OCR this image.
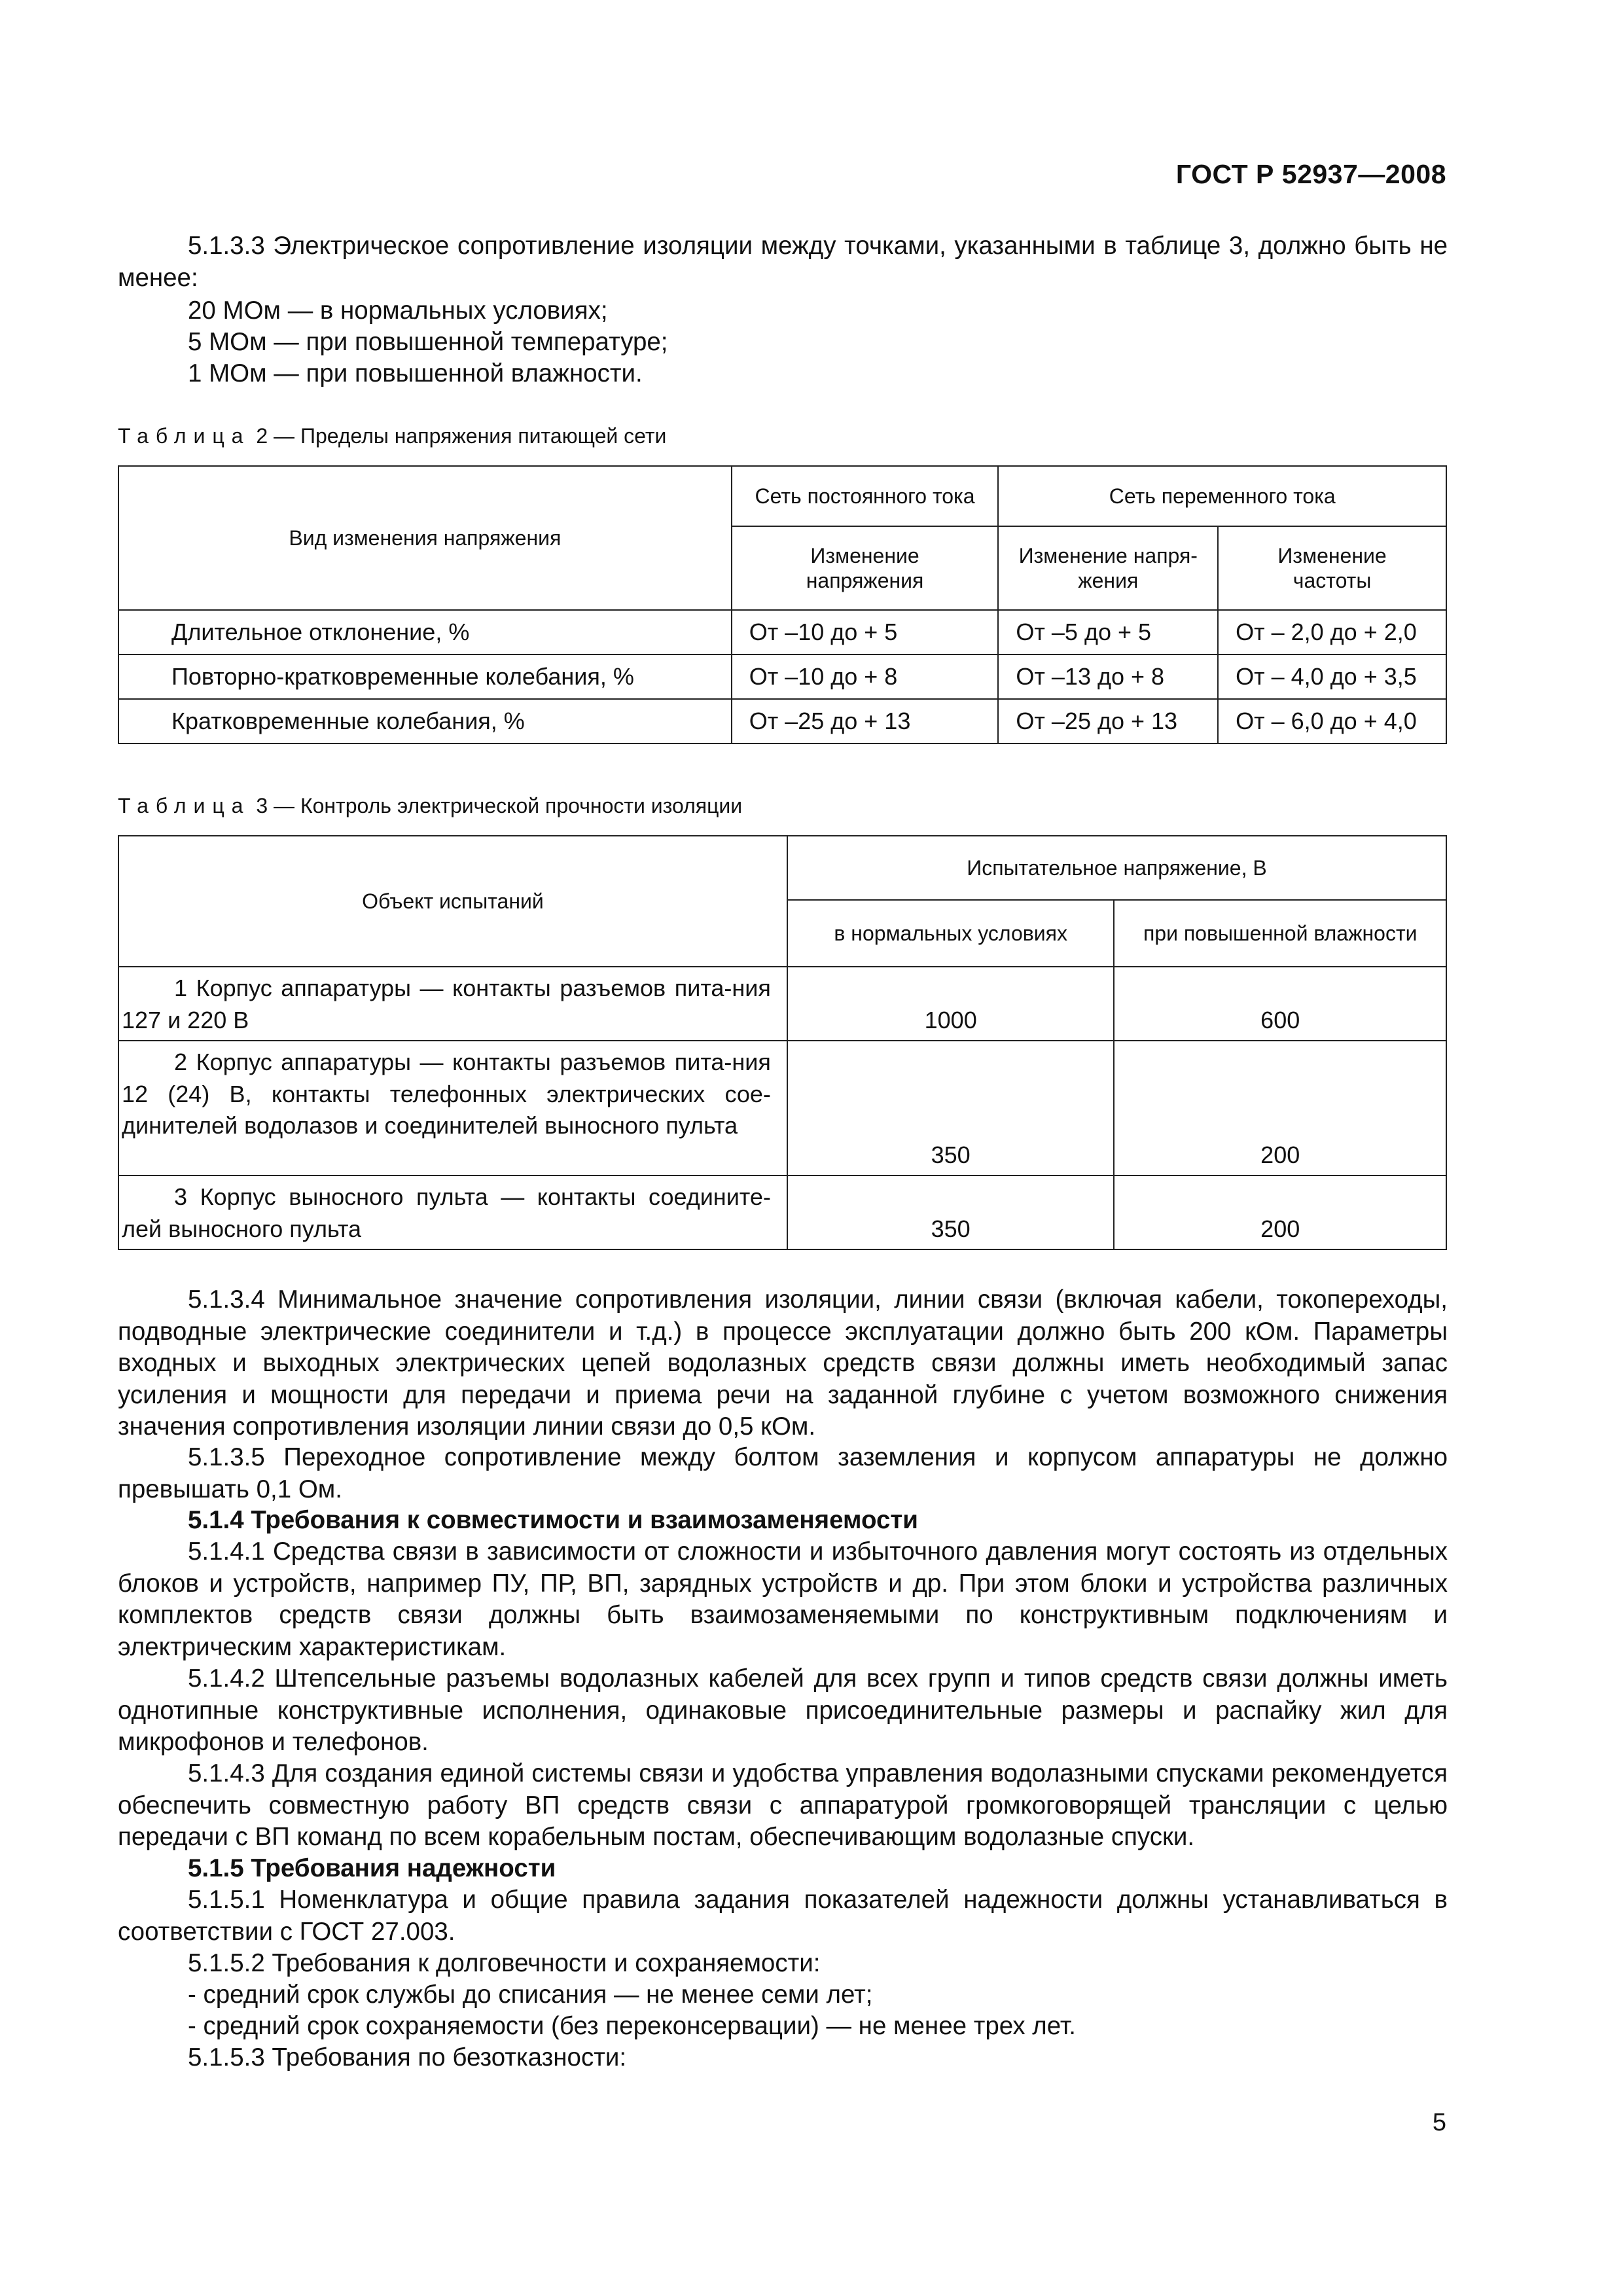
ГОСТ Р 52937—2008

5.1.3.3 Электрическое сопротивление изоляции между точками, указанными в таблице 3, должно быть не менее:

20 МОм — в нормальных условиях;
5 МОм — при повышенной температуре;
1 МОм — при повышенной влажности.
Таблица 2 — Пределы напряжения питающей сети
Вид изменения напряжения	Сеть постоянного тока	Сеть переменного тока	
	Изменение напряжения	Изменение напря-жения	Изменение частоты
Длительное отклонение, %	От –10 до + 5	От –5 до + 5	От – 2,0 до + 2,0
Повторно-кратковременные колебания, %	От –10 до + 8	От –13 до + 8	От – 4,0 до + 3,5
Кратковременные колебания, %	От –25 до + 13	От –25 до + 13	От – 6,0 до + 4,0
Таблица 3 — Контроль электрической прочности изоляции
Объект испытаний	Испытательное напряжение, В	
	в нормальных условиях	при повышенной влажности
1 Корпус аппаратуры — контакты разъемов пита-ния 127 и 220 В	1000	600
2 Корпус аппаратуры — контакты разъемов пита-ния 12 (24) В, контакты телефонных электрических сое-динителей водолазов и соединителей выносного пульта	350	200
3 Корпус выносного пульта — контакты соедините-лей выносного пульта	350	200

5.1.3.4 Минимальное значение сопротивления изоляции, линии связи (включая кабели, токопереходы, подводные электрические соединители и т.д.) в процессе эксплуатации должно быть 200 кОм. Параметры входных и выходных электрических цепей водолазных средств связи должны иметь необходимый запас усиления и мощности для передачи и приема речи на заданной глубине с учетом возможного снижения значения сопротивления изоляции линии связи до 0,5 кОм.

5.1.3.5 Переходное сопротивление между болтом заземления и корпусом аппаратуры не должно превышать 0,1 Ом.

5.1.4 Требования к совместимости и взаимозаменяемости

5.1.4.1 Средства связи в зависимости от сложности и избыточного давления могут состоять из отдельных блоков и устройств, например ПУ, ПР, ВП, зарядных устройств и др. При этом блоки и устройства различных комплектов средств связи должны быть взаимозаменяемыми по конструктивным подключениям и электрическим характеристикам.

5.1.4.2 Штепсельные разъемы водолазных кабелей для всех групп и типов средств связи должны иметь однотипные конструктивные исполнения, одинаковые присоединительные размеры и распайку жил для микрофонов и телефонов.

5.1.4.3 Для создания единой системы связи и удобства управления водолазными спусками рекомендуется обеспечить совместную работу ВП средств связи с аппаратурой громкоговорящей трансляции с целью передачи с ВП команд по всем корабельным постам, обеспечивающим водолазные спуски.

5.1.5 Требования надежности

5.1.5.1 Номенклатура и общие правила задания показателей надежности должны устанавливаться в соответствии с ГОСТ 27.003.

5.1.5.2 Требования к долговечности и сохраняемости:
- средний срок службы до списания — не менее семи лет;
- средний срок сохраняемости (без переконсервации) — не менее трех лет.
5.1.5.3 Требования по безотказности:
5
